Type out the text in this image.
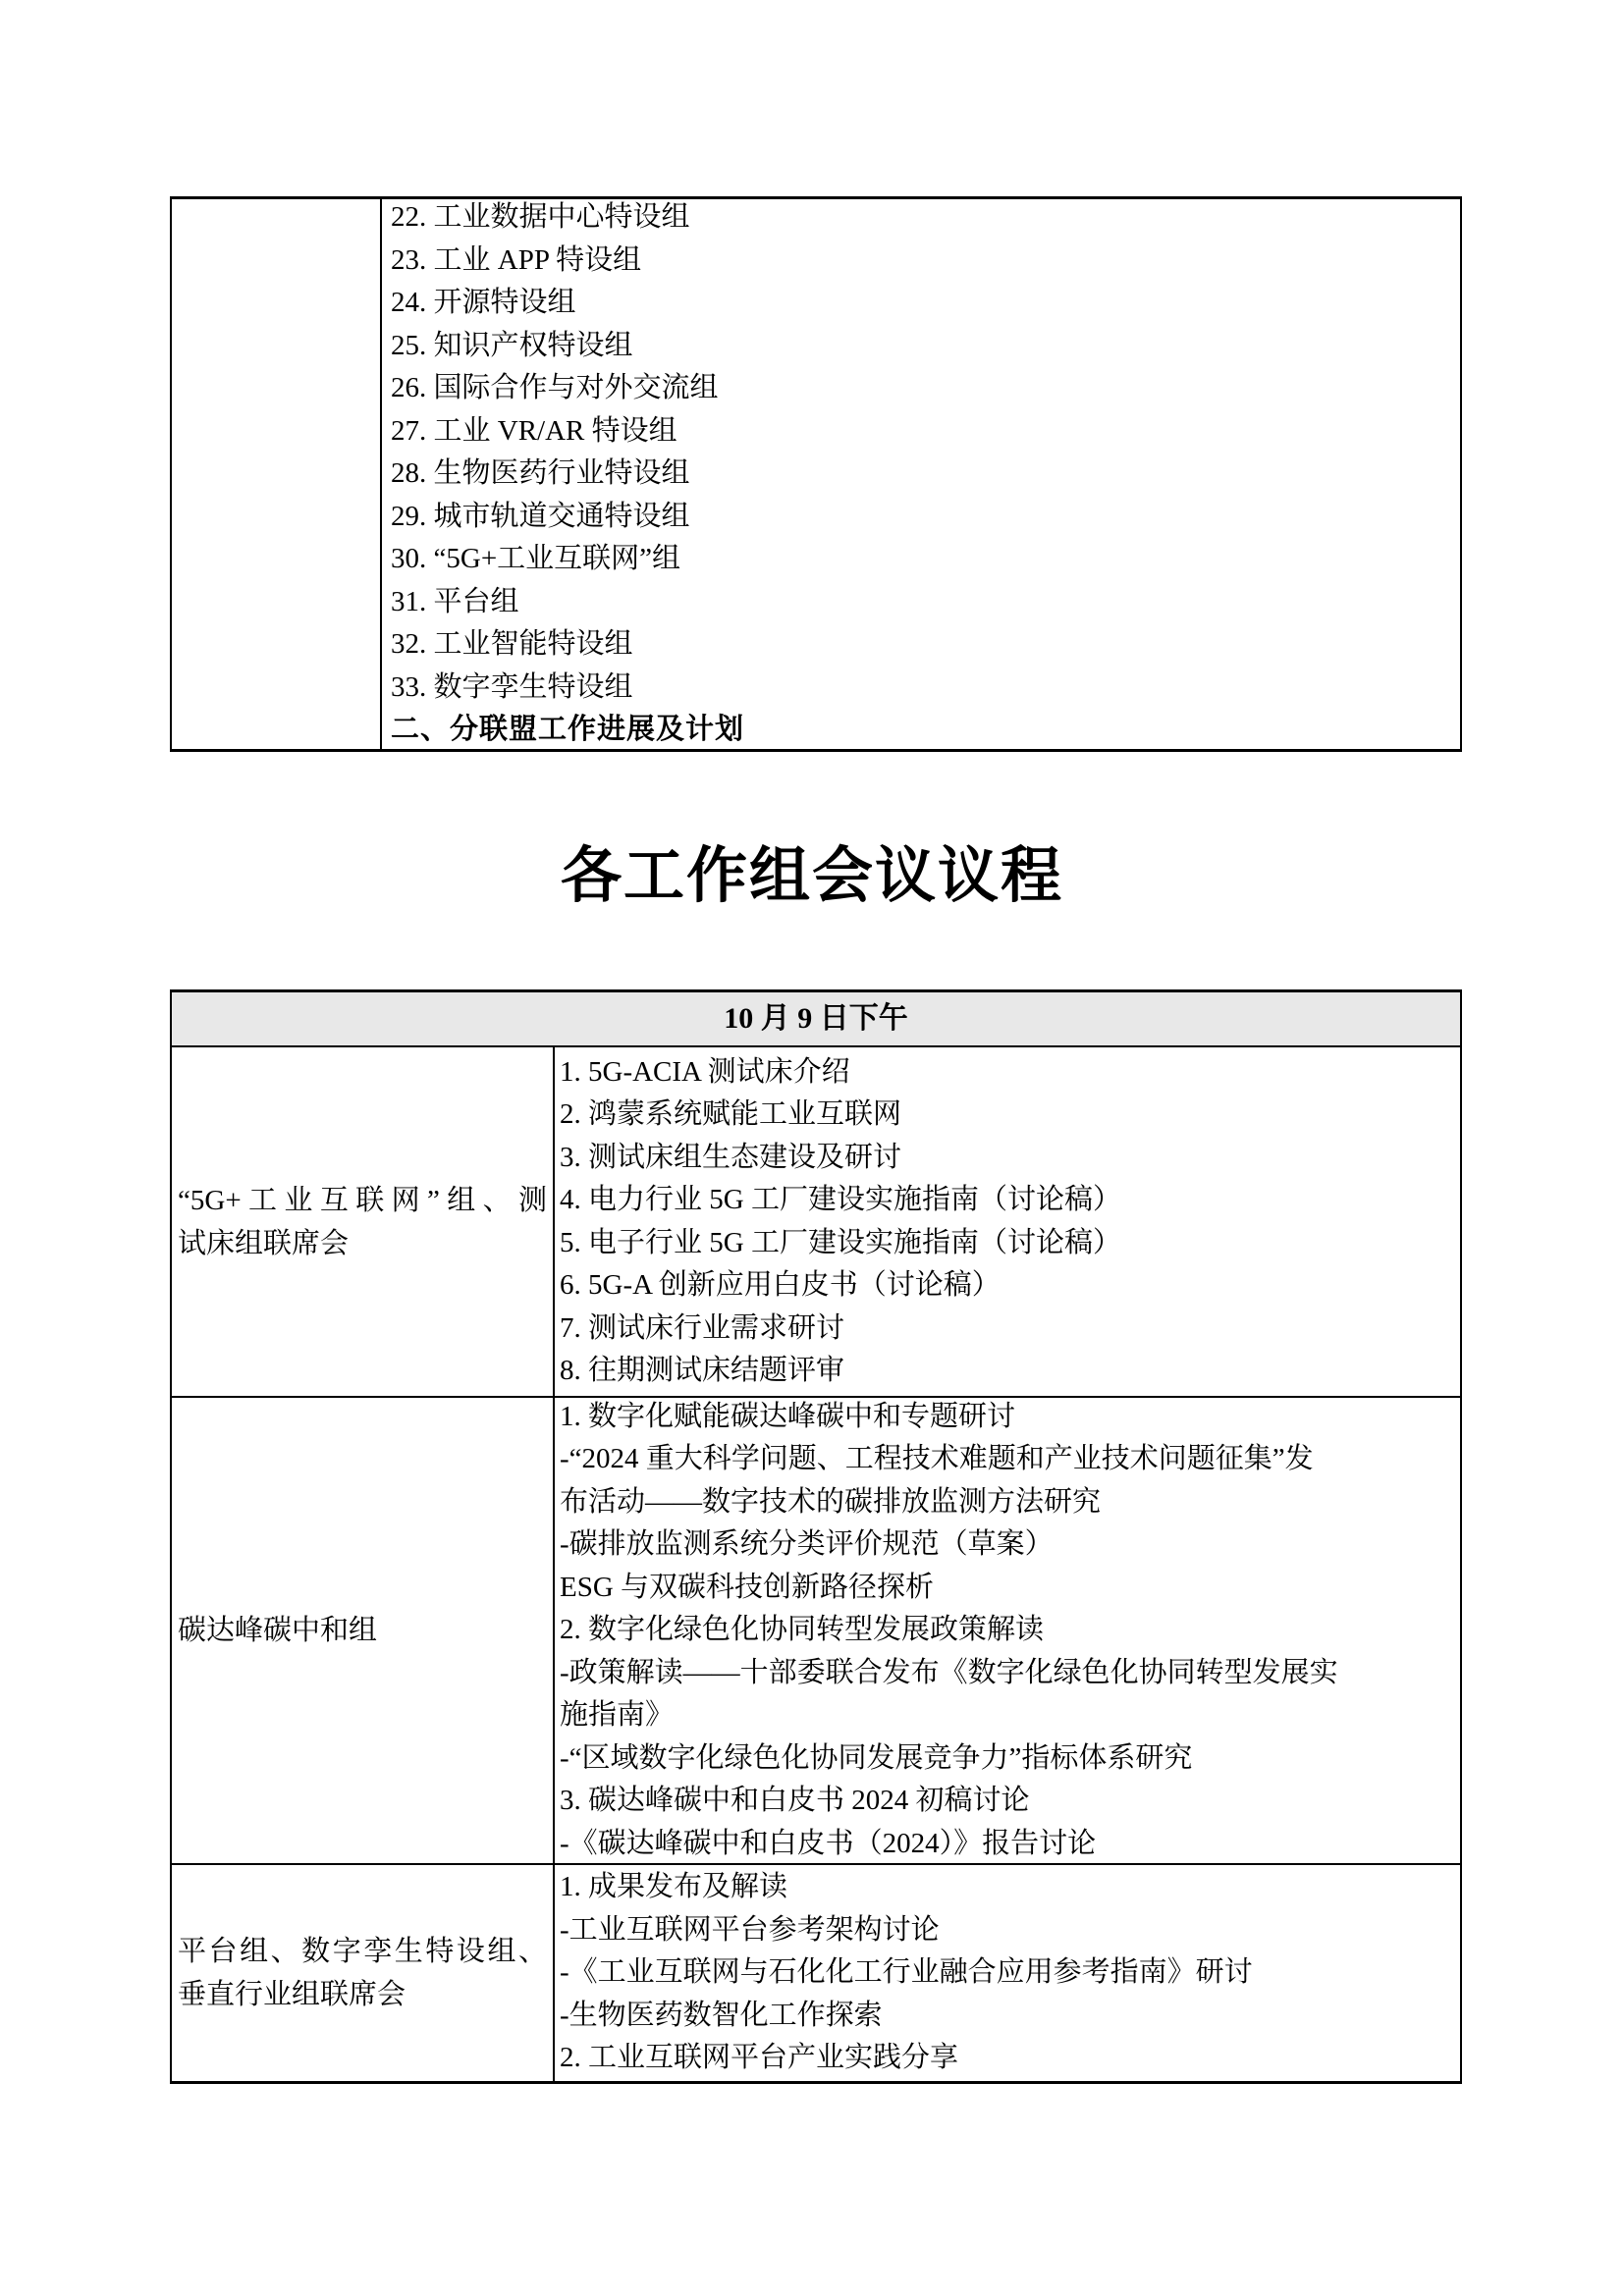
22. 工业数据中心特设组
23. 工业 APP 特设组
24. 开源特设组
25. 知识产权特设组
26. 国际合作与对外交流组
27. 工业 VR/AR 特设组
28. 生物医药行业特设组
29. 城市轨道交通特设组
30. “5G+工业互联网”组
31. 平台组
32. 工业智能特设组
33. 数字孪生特设组
二、分联盟工作进展及计划
各工作组会议议程
10 月 9 日下午
“5G+工业互联网”组、测
试床组联席会
1. 5G-ACIA 测试床介绍
2. 鸿蒙系统赋能工业互联网
3. 测试床组生态建设及研讨
4. 电力行业 5G 工厂建设实施指南（讨论稿）
5. 电子行业 5G 工厂建设实施指南（讨论稿）
6. 5G-A 创新应用白皮书（讨论稿）
7. 测试床行业需求研讨
8. 往期测试床结题评审
碳达峰碳中和组
1. 数字化赋能碳达峰碳中和专题研讨
-“2024 重大科学问题、工程技术难题和产业技术问题征集”发
布活动——数字技术的碳排放监测方法研究
-碳排放监测系统分类评价规范（草案）
ESG 与双碳科技创新路径探析
2. 数字化绿色化协同转型发展政策解读
-政策解读——十部委联合发布《数字化绿色化协同转型发展实
施指南》
-“区域数字化绿色化协同发展竞争力”指标体系研究
3. 碳达峰碳中和白皮书 2024 初稿讨论
-《碳达峰碳中和白皮书（2024）》报告讨论
平台组、数字孪生特设组、
垂直行业组联席会
1. 成果发布及解读
-工业互联网平台参考架构讨论
-《工业互联网与石化化工行业融合应用参考指南》研讨
-生物医药数智化工作探索
2. 工业互联网平台产业实践分享
